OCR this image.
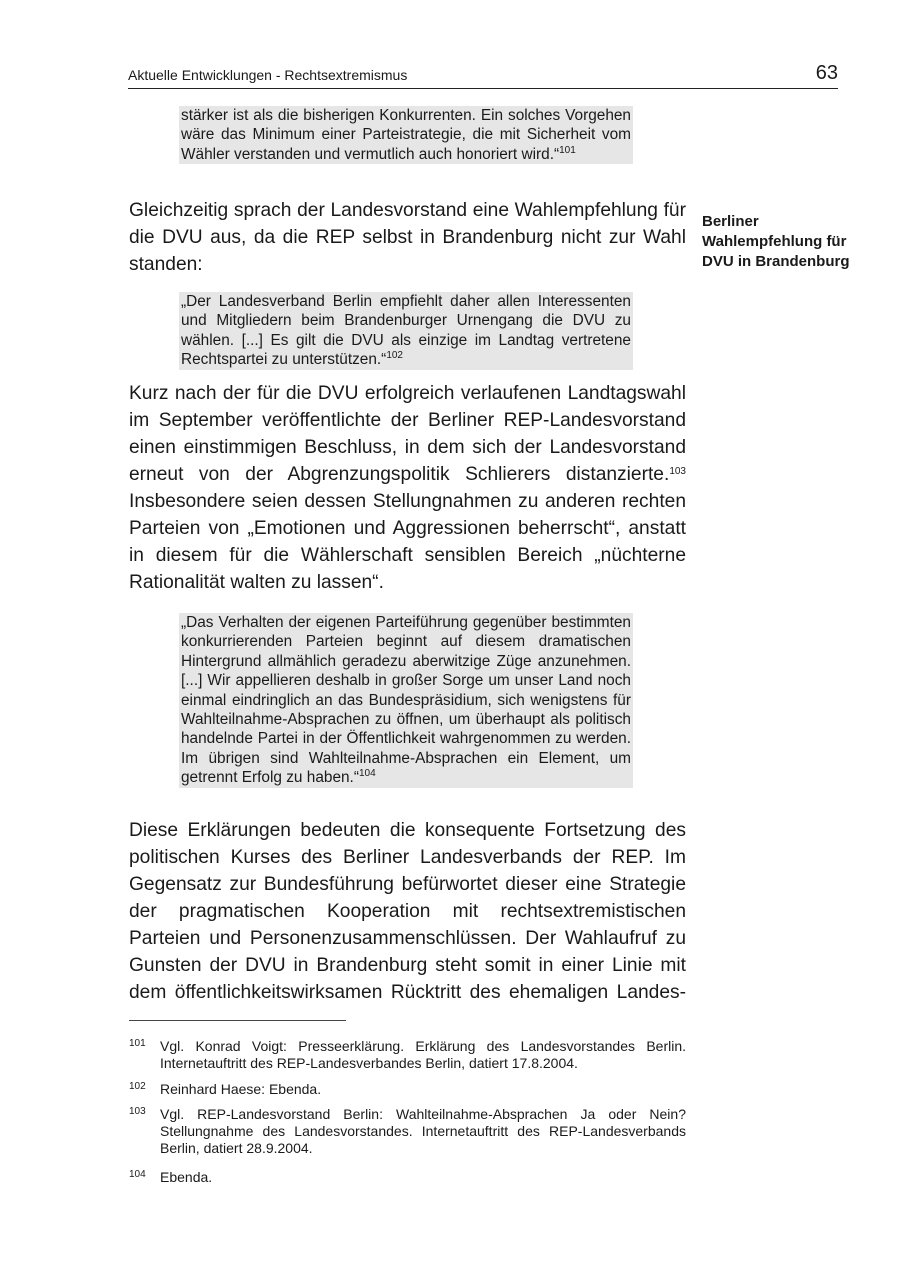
Aktuelle Entwicklungen - Rechtsextremismus	63

stärker ist als die bisherigen Konkurrenten. Ein solches Vorgehen wäre das Minimum einer Parteistrategie, die mit Sicherheit vom Wähler verstanden und vermutlich auch honoriert wird.“$^{101}$

Gleichzeitig sprach der Landesvorstand eine Wahlempfehlung für die DVU aus, da die REP selbst in Brandenburg nicht zur Wahl standen:

Berliner Wahlempfehlung für DVU in Brandenburg

„Der Landesverband Berlin empfiehlt daher allen Interessenten und Mitgliedern beim Brandenburger Urnengang die DVU zu wählen. [...] Es gilt die DVU als einzige im Landtag vertretene Rechtspartei zu unterstützen.“$^{102}$

Kurz nach der für die DVU erfolgreich verlaufenen Landtagswahl im September veröffentlichte der Berliner REP-Landesvorstand einen einstimmigen Beschluss, in dem sich der Landesvorstand erneut von der Abgrenzungspolitik Schlierers distanzierte.$^{103}$ Insbesondere seien dessen Stellungnahmen zu anderen rechten Parteien von „Emotionen und Aggressionen beherrscht“, anstatt in diesem für die Wählerschaft sensiblen Bereich „nüchterne Rationalität walten zu lassen“.

„Das Verhalten der eigenen Parteiführung gegenüber bestimmten konkurrierenden Parteien beginnt auf diesem dramatischen Hintergrund allmählich geradezu aberwitzige Züge anzunehmen. [...] Wir appellieren deshalb in großer Sorge um unser Land noch einmal eindringlich an das Bundespräsidium, sich wenigstens für Wahlteilnahme-Absprachen zu öffnen, um überhaupt als politisch handelnde Partei in der Öffentlichkeit wahrgenommen zu werden. Im übrigen sind Wahlteilnahme-Absprachen ein Element, um getrennt Erfolg zu haben.“$^{104}$

Diese Erklärungen bedeuten die konsequente Fortsetzung des politischen Kurses des Berliner Landesverbands der REP. Im Gegensatz zur Bundesführung befürwortet dieser eine Strategie der pragmatischen Kooperation mit rechtsextremistischen Parteien und Personenzusammenschlüssen. Der Wahlaufruf zu Gunsten der DVU in Brandenburg steht somit in einer Linie mit dem öffentlichkeitswirksamen Rücktritt des ehemaligen Landes-

101 Vgl. Konrad Voigt: Presseerklärung. Erklärung des Landesvorstandes Berlin. Internetauftritt des REP-Landesverbandes Berlin, datiert 17.8.2004.

102 Reinhard Haese: Ebenda.

103 Vgl. REP-Landesvorstand Berlin: Wahlteilnahme-Absprachen Ja oder Nein? Stellungnahme des Landesvorstandes. Internetauftritt des REP-Landesverbands Berlin, datiert 28.9.2004.

104 Ebenda.
